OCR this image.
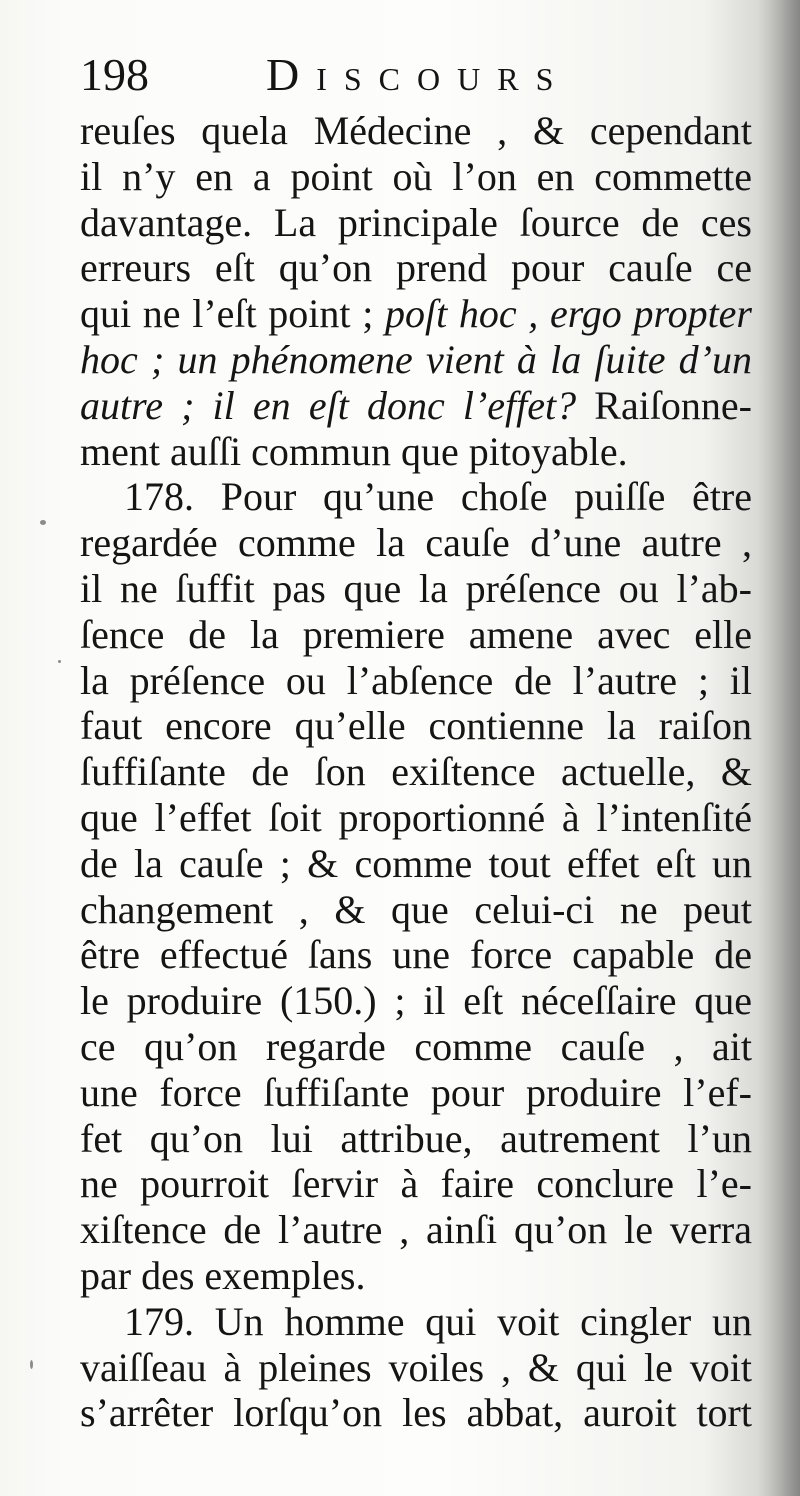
198	Discours
reuſes quela Médecine , & cependant
il n’y en a point où l’on en commette
davantage. La principale ſource de ces
erreurs eſt qu’on prend pour cauſe ce
qui ne l’eſt point ; poſt hoc , ergo propter
hoc ; un phénomene vient à la ſuite d’un
autre ; il en eſt donc l’effet? Raiſonne-
ment auſſi commun que pitoyable.
178. Pour qu’une choſe puiſſe être
regardée comme la cauſe d’une autre ,
il ne ſuffit pas que la préſence ou l’ab-
ſence de la premiere amene avec elle
la préſence ou l’abſence de l’autre ; il
faut encore qu’elle contienne la raiſon
ſuffiſante de ſon exiſtence actuelle, &
que l’effet ſoit proportionné à l’intenſité
de la cauſe ; & comme tout effet eſt un
changement , & que celui-ci ne peut
être effectué ſans une force capable de
le produire (150.) ; il eſt néceſſaire que
ce qu’on regarde comme cauſe , ait
une force ſuffiſante pour produire l’ef-
fet qu’on lui attribue, autrement l’un
ne pourroit ſervir à faire conclure l’e-
xiſtence de l’autre , ainſi qu’on le verra
par des exemples.
179. Un homme qui voit cingler un
vaiſſeau à pleines voiles , & qui le voit
s’arrêter lorſqu’on les abbat, auroit tort
